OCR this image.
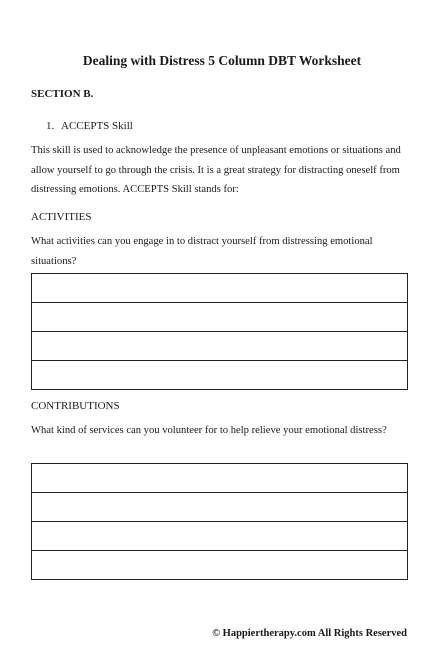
Dealing with Distress 5 Column DBT Worksheet
SECTION B.
1. ACCEPTS Skill
This skill is used to acknowledge the presence of unpleasant emotions or situations and allow yourself to go through the crisis. It is a great strategy for distracting oneself from distressing emotions. ACCEPTS Skill stands for:
ACTIVITIES
What activities can you engage in to distract yourself from distressing emotional situations?
CONTRIBUTIONS
What kind of services can you volunteer for to help relieve your emotional distress?
© Happiertherapy.com All Rights Reserved
